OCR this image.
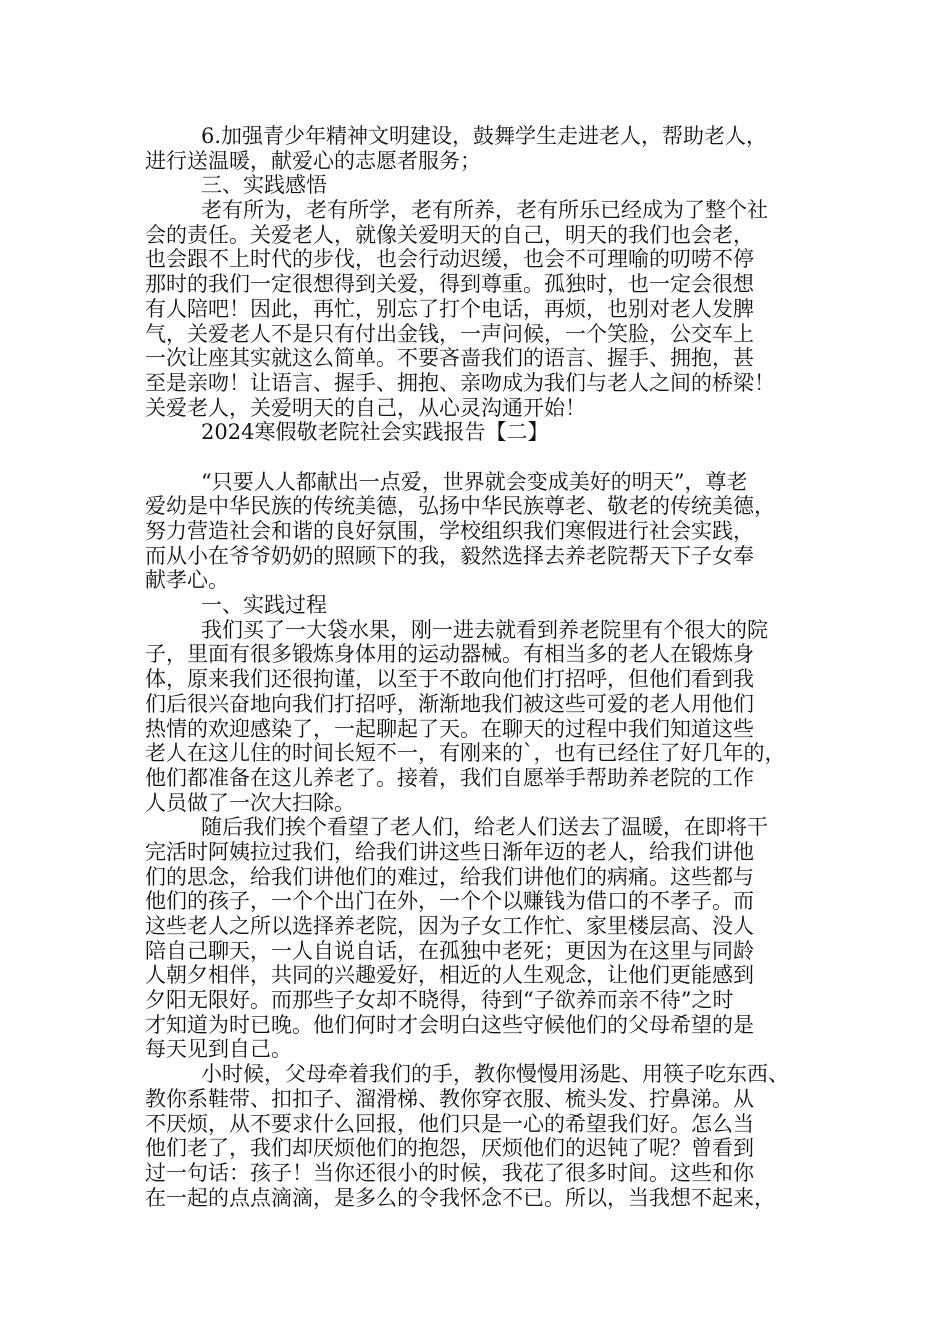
6.加强青少年精神文明建设，鼓舞学生走进老人，帮助老人，
进行送温暖，献爱心的志愿者服务；
三、实践感悟
老有所为，老有所学，老有所养，老有所乐已经成为了整个社
会的责任。关爱老人，就像关爱明天的自己，明天的我们也会老，
也会跟不上时代的步伐，也会行动迟缓，也会不可理喻的叨唠不停
那时的我们一定很想得到关爱，得到尊重。孤独时，也一定会很想
有人陪吧！因此，再忙，别忘了打个电话，再烦，也别对老人发脾
气，关爱老人不是只有付出金钱，一声问候，一个笑脸，公交车上
一次让座其实就这么简单。不要吝啬我们的语言、握手、拥抱，甚
至是亲吻！让语言、握手、拥抱、亲吻成为我们与老人之间的桥梁！
关爱老人，关爱明天的自己，从心灵沟通开始！
2024寒假敬老院社会实践报告【二】
“只要人人都献出一点爱，世界就会变成美好的明天”，尊老
爱幼是中华民族的传统美德，弘扬中华民族尊老、敬老的传统美德，
努力营造社会和谐的良好氛围，学校组织我们寒假进行社会实践，
而从小在爷爷奶奶的照顾下的我，毅然选择去养老院帮天下子女奉
献孝心。
一、实践过程
我们买了一大袋水果，刚一进去就看到养老院里有个很大的院
子，里面有很多锻炼身体用的运动器械。有相当多的老人在锻炼身
体，原来我们还很拘谨，以至于不敢向他们打招呼，但他们看到我
们后很兴奋地向我们打招呼，渐渐地我们被这些可爱的老人用他们
热情的欢迎感染了，一起聊起了天。在聊天的过程中我们知道这些
老人在这儿住的时间长短不一，有刚来的`，也有已经住了好几年的，
他们都准备在这儿养老了。接着，我们自愿举手帮助养老院的工作
人员做了一次大扫除。
随后我们挨个看望了老人们，给老人们送去了温暖，在即将干
完活时阿姨拉过我们，给我们讲这些日渐年迈的老人，给我们讲他
们的思念，给我们讲他们的难过，给我们讲他们的病痛。这些都与
他们的孩子，一个个出门在外，一个个以赚钱为借口的不孝子。而
这些老人之所以选择养老院，因为子女工作忙、家里楼层高、没人
陪自己聊天，一人自说自话，在孤独中老死；更因为在这里与同龄
人朝夕相伴，共同的兴趣爱好，相近的人生观念，让他们更能感到
夕阳无限好。而那些子女却不晓得，待到“子欲养而亲不待”之时
才知道为时已晚。他们何时才会明白这些守候他们的父母希望的是
每天见到自己。
小时候，父母牵着我们的手，教你慢慢用汤匙、用筷子吃东西、
教你系鞋带、扣扣子、溜滑梯、教你穿衣服、梳头发、拧鼻涕。从
不厌烦，从不要求什么回报，他们只是一心的希望我们好。怎么当
他们老了，我们却厌烦他们的抱怨，厌烦他们的迟钝了呢？曾看到
过一句话：孩子！当你还很小的时候，我花了很多时间。这些和你
在一起的点点滴滴，是多么的令我怀念不已。所以，当我想不起来，
